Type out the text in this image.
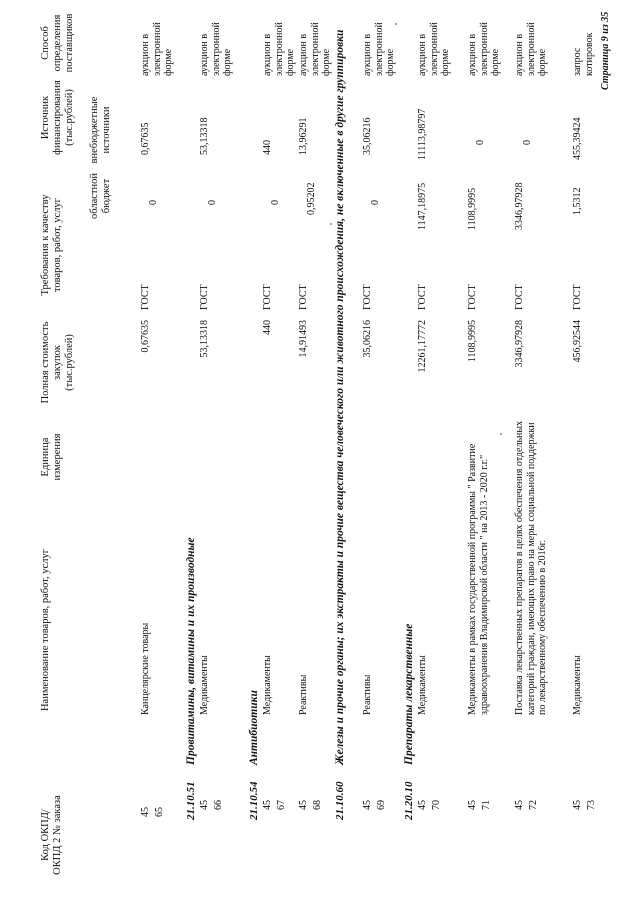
Код ОКПД/ ОКПД 2 № заказа
Наименование товаров, работ, услуг
Единица измерения
Полная стоимость закупок (тыс.рублей)
Требования к качеству товаров, работ, услуг
Источник финансирования (тыс.рублей)
областной бюджет
внебюджетные источники
Способ определения поставщиков
45 65
Канцелярские товары
0,67635
ГОСТ
0
0,67635
аукцион в электронной форме
21.10.51
Провитамины, витамины и их производные
45 66
Медикаменты
53,13318
ГОСТ
0
53,13318
аукцион в электронной форме
21.10.54
Антибиотики
45 67
Медикаменты
440
ГОСТ
0
440
аукцион в электронной форме
45 68
Реактивы
14,91493
ГОСТ
0,95202
13,96291
аукцион в электронной форме
21.10.60
Железы и прочие органы; их экстракты и прочие вещества человеческого или животного происхождения, не включенные в другие группировки
45 69
Реактивы
35,06216
ГОСТ
0
35,06216
аукцион в электронной форме
21.20.10
Препараты лекарственные
45 70
Медикаменты
12261,17772
ГОСТ
1147,18975
11113,98797
аукцион в электронной форме
45 71
Медикаменты в рамках государственной программы " Развитие здравоохранения Владимирской области " на 2013 - 2020 г.г."
1108,9995
ГОСТ
1108,9995
0
аукцион в электронной форме
45 72
Поставка лекарственных препаратов в целях обеспечения отдельных категорий граждан, имеющих право на меры социальной поддержки по лекарственному обеспечению в 2016г.
3346,97928
ГОСТ
3346,97928
0
аукцион в электронной форме
45 73
Медикаменты
456,92544
ГОСТ
1,5312
455,39424
запрос котировок Страница 9 из 35
